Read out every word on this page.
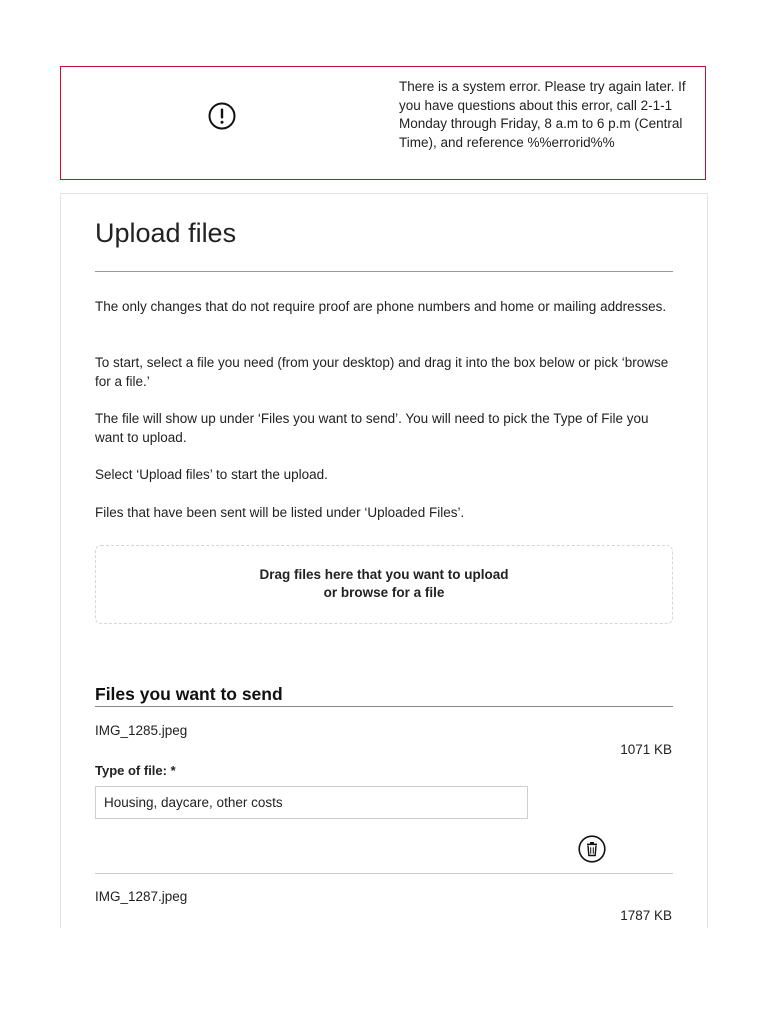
There is a system error. Please try again later. If you have questions about this error, call 2-1-1 Monday through Friday, 8 a.m to 6 p.m (Central Time), and reference %%errorid%%
Upload files

The only changes that do not require proof are phone numbers and home or mailing addresses.

To start, select a file you need (from your desktop) and drag it into the box below or pick ‘browse for a file.’

The file will show up under ‘Files you want to send’. You will need to pick the Type of File you want to upload.

Select ‘Upload files’ to start the upload.

Files that have been sent will be listed under ‘Uploaded Files’.

Drag files here that you want to upload
or browse for a file
Files you want to send
IMG_1285.jpeg
1071 KB
Type of file: *
Housing, daycare, other costs
IMG_1287.jpeg
1787 KB
